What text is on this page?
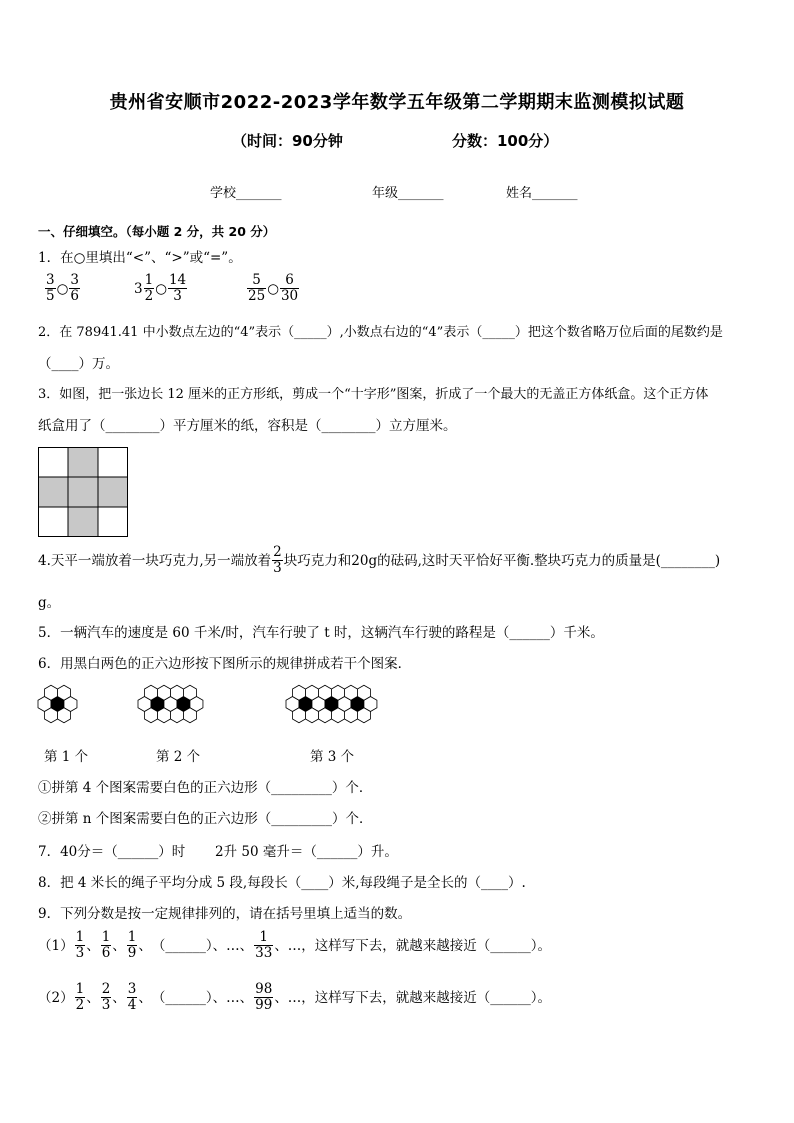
贵州省安顺市2022-2023学年数学五年级第二学期期末监测模拟试题
（时间：90分钟	分数：100分）
学校_______	年级_______	姓名_______
一、仔细填空。（每小题 2 分，共 20 分）
1．在○里填出“<”、“>”或“=”。
$\frac{3}{5}$ ○ $\frac{3}{6}$	$3 \frac{1}{2}$ ○ $\frac{14}{3}$	$\frac{5}{25}$ ○ $\frac{6}{30}$
2．在 78941.41 中小数点左边的“4”表示（_____）,小数点右边的“4”表示（_____）把这个数省略万位后面的尾数约是
（____）万。
3．如图，把一张边长 12 厘米的正方形纸，剪成一个“十字形”图案，折成了一个最大的无盖正方体纸盒。这个正方体
纸盒用了（________）平方厘米的纸，容积是（________）立方厘米。
4.天平一端放着一块巧克力,另一端放着 $\frac{2}{3}$ 块巧克力和20g的砝码,这时天平恰好平衡.整块巧克力的质量是(________)
g。
5．一辆汽车的速度是 60 千米/时，汽车行驶了 t 时，这辆汽车行驶的路程是（______）千米。
6．用黑白两色的正六边形按下图所示的规律拼成若干个图案．
第 1 个	第 2 个	第 3 个
①拼第 4 个图案需要白色的正六边形（_________）个．
②拼第 n 个图案需要白色的正六边形（_________）个．
7．40分＝（______）时 2升 50 毫升＝（______）升。
8．把 4 米长的绳子平均分成 5 段,每段长（____）米,每段绳子是全长的（____）.
9．下列分数是按一定规律排列的，请在括号里填上适当的数。
$(1) \frac{1}{3}$ 、 $\frac{1}{6}$ 、 $\frac{1}{9}$ 、（______）、…、 $\frac{1}{33}$ 、…，这样写下去，就越来越接近（______）。
$(2) \frac{1}{2}$ 、 $\frac{2}{3}$ 、 $\frac{3}{4}$ 、（______）、…、 $\frac{98}{99}$ 、…，这样写下去，就越来越接近（______）。
